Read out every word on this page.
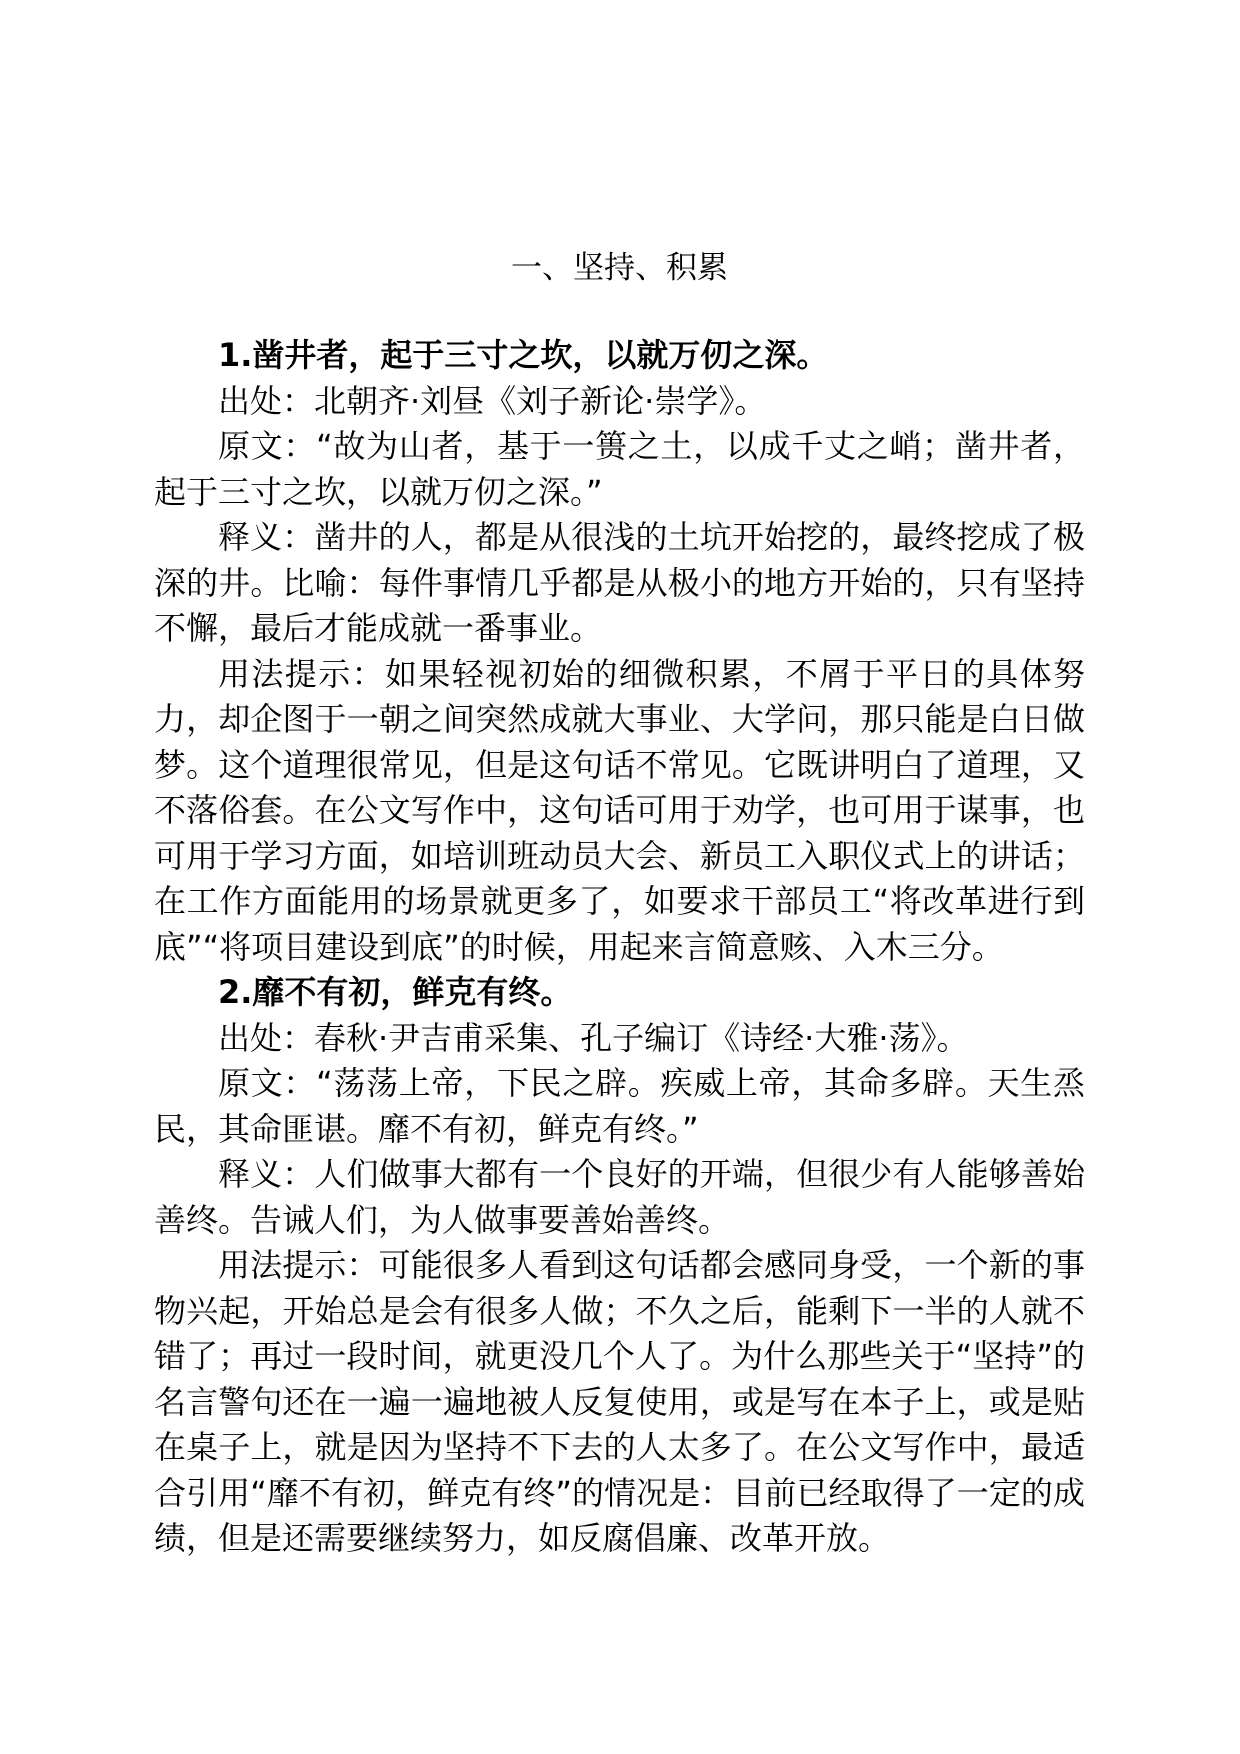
一、坚持、积累

1.凿井者，起于三寸之坎，以就万仞之深。

出处：北朝齐·刘昼《刘子新论·崇学》。

原文：“故为山者，基于一篑之土，以成千丈之峭；凿井者，起于三寸之坎，以就万仞之深。”

释义：凿井的人，都是从很浅的土坑开始挖的，最终挖成了极深的井。比喻：每件事情几乎都是从极小的地方开始的，只有坚持不懈，最后才能成就一番事业。

用法提示：如果轻视初始的细微积累，不屑于平日的具体努力，却企图于一朝之间突然成就大事业、大学问，那只能是白日做梦。这个道理很常见，但是这句话不常见。它既讲明白了道理，又不落俗套。在公文写作中，这句话可用于劝学，也可用于谋事，也可用于学习方面，如培训班动员大会、新员工入职仪式上的讲话；在工作方面能用的场景就更多了，如要求干部员工“将改革进行到底”“将项目建设到底”的时候，用起来言简意赅、入木三分。

2.靡不有初，鲜克有终。

出处：春秋·尹吉甫采集、孔子编订《诗经·大雅·荡》。

原文：“荡荡上帝，下民之辟。疾威上帝，其命多辟。天生烝民，其命匪谌。靡不有初，鲜克有终。”

释义：人们做事大都有一个良好的开端，但很少有人能够善始善终。告诫人们，为人做事要善始善终。

用法提示：可能很多人看到这句话都会感同身受，一个新的事物兴起，开始总是会有很多人做；不久之后，能剩下一半的人就不错了；再过一段时间，就更没几个人了。为什么那些关于“坚持”的名言警句还在一遍一遍地被人反复使用，或是写在本子上，或是贴在桌子上，就是因为坚持不下去的人太多了。在公文写作中，最适合引用“靡不有初，鲜克有终”的情况是：目前已经取得了一定的成绩，但是还需要继续努力，如反腐倡廉、改革开放。
